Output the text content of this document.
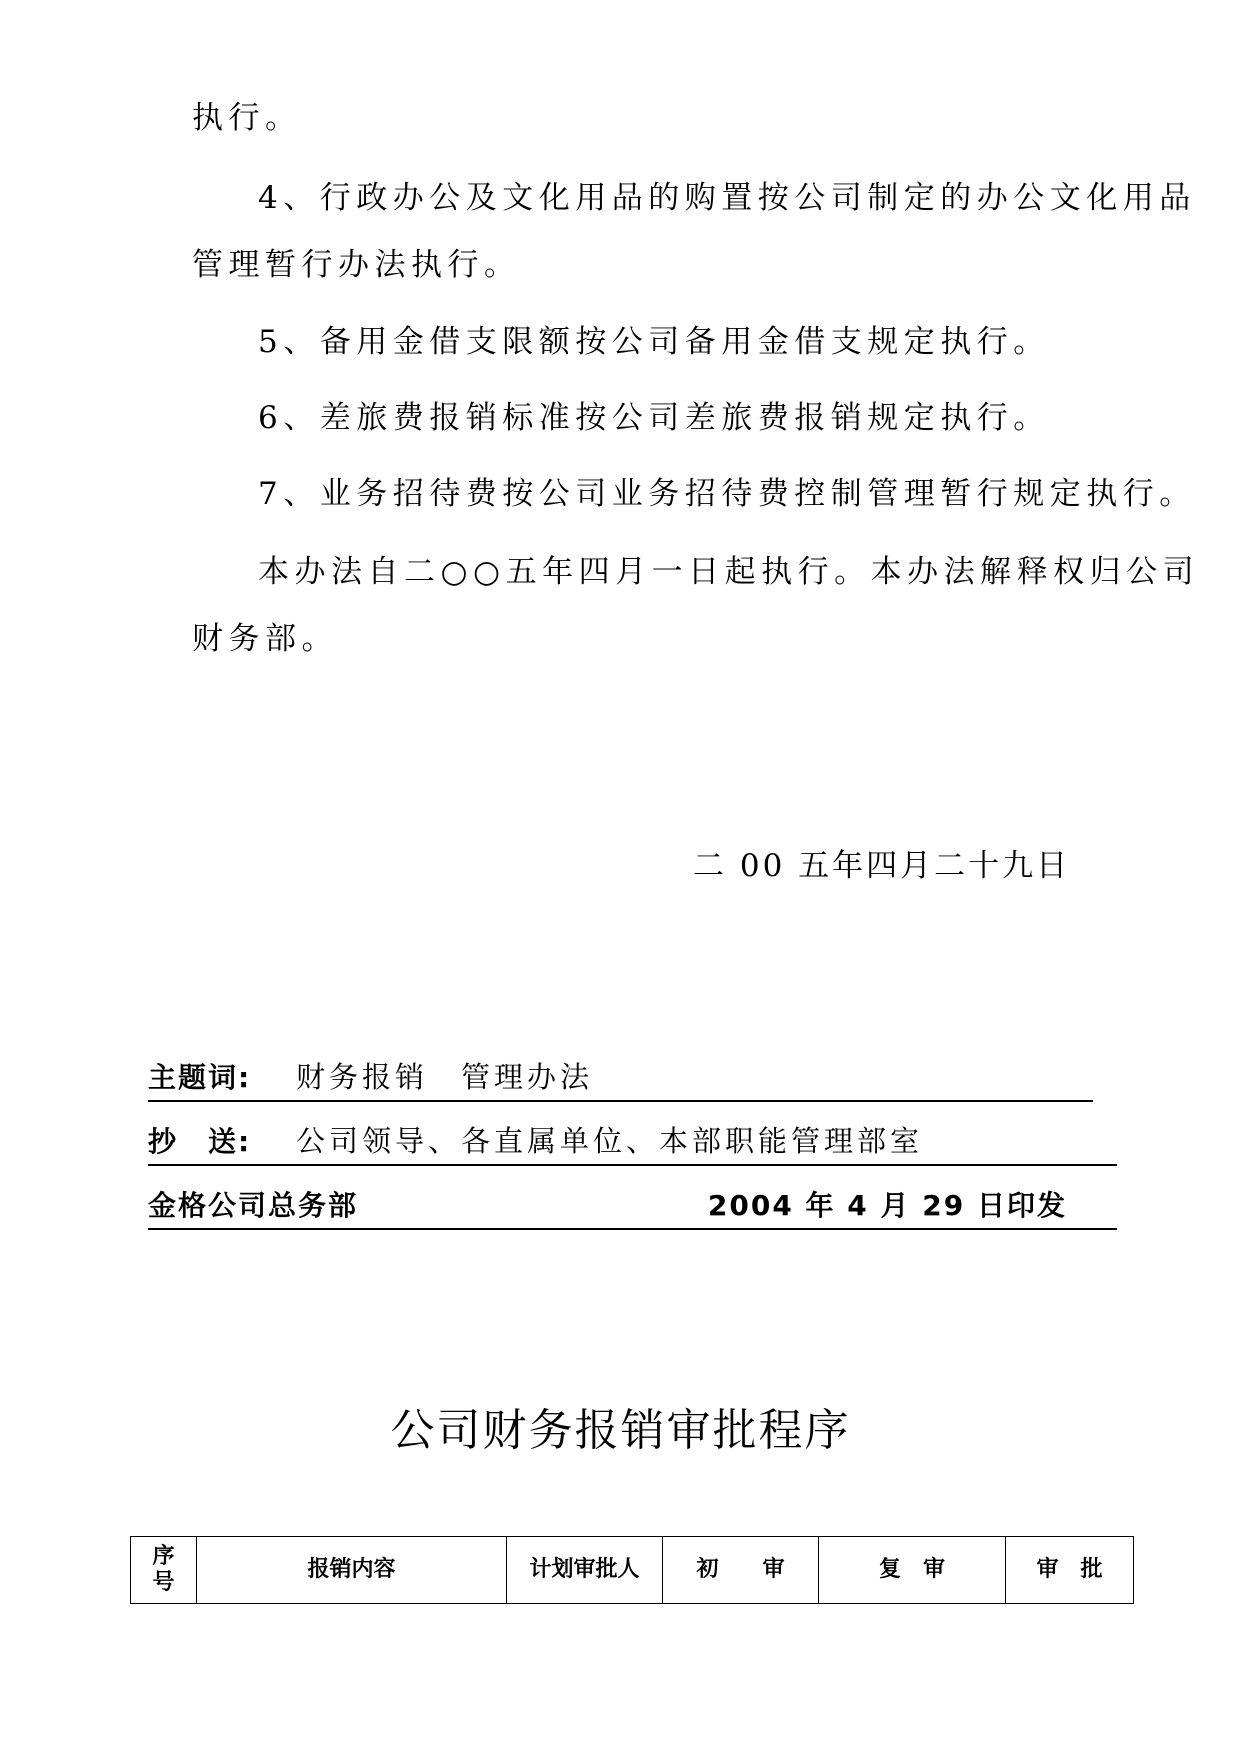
执行。
4、行政办公及文化用品的购置按公司制定的办公文化用品
管理暂行办法执行。
5、备用金借支限额按公司备用金借支规定执行。
6、差旅费报销标准按公司差旅费报销规定执行。
7、业务招待费按公司业务招待费控制管理暂行规定执行。
本办法自二○○五年四月一日起执行。本办法解释权归公司
财务部。
二 00 五年四月二十九日
主题词: 财务报销　管理办法
抄　送: 公司领导、各直属单位、本部职能管理部室
金格公司总务部	2004 年 4 月 29 日印发
公司财务报销审批程序
序
号	报销内容	计划审批人	初　　审	复　审	审　批
